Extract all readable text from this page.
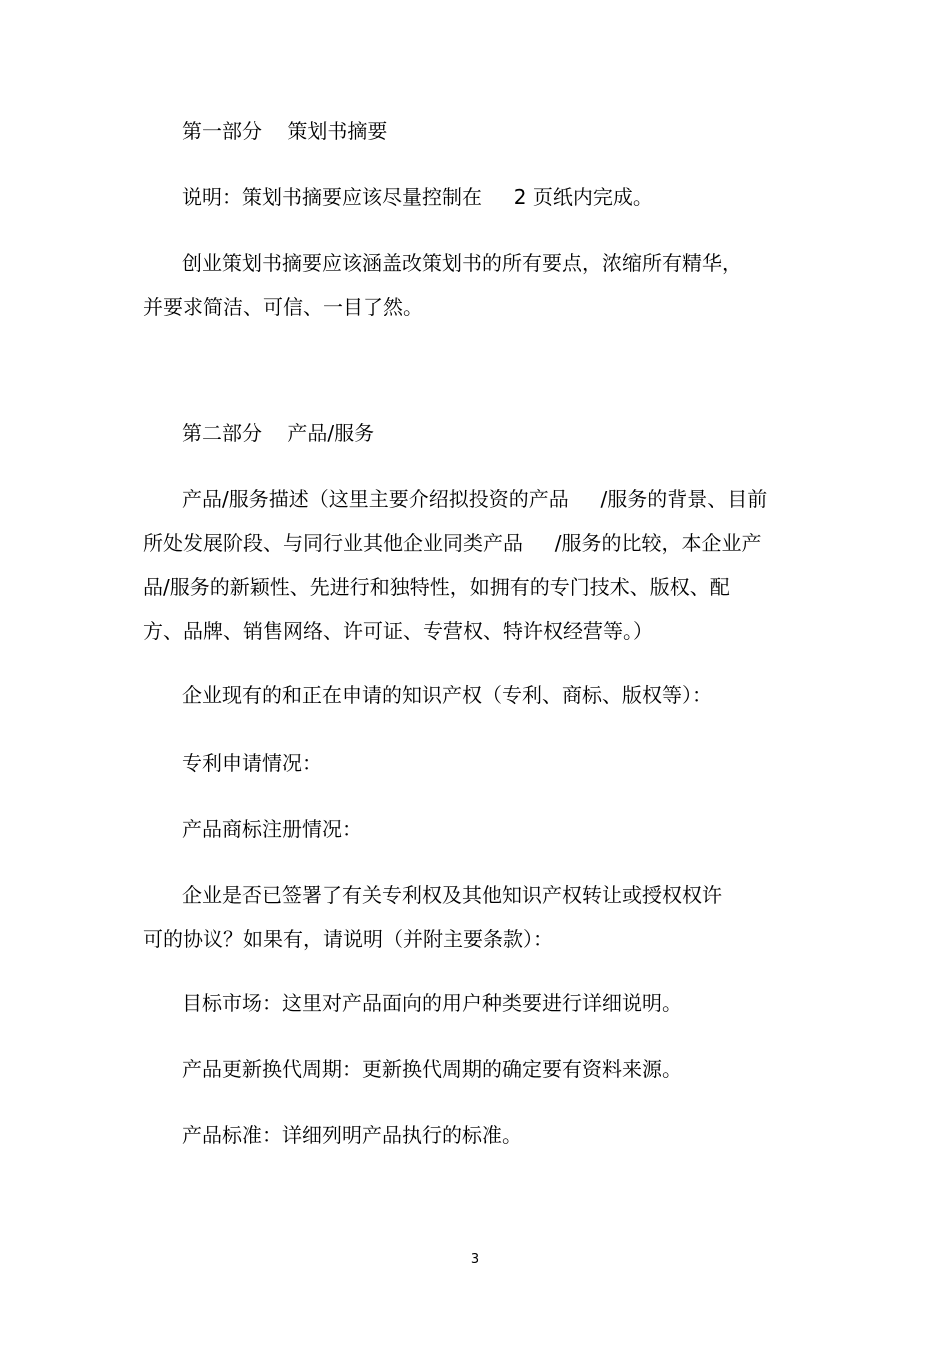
第一部分    策划书摘要

说明：策划书摘要应该尽量控制在     2 页纸内完成。

创业策划书摘要应该涵盖改策划书的所有要点，浓缩所有精华，

并要求简洁、可信、一目了然。

第二部分    产品/服务

产品/服务描述（这里主要介绍拟投资的产品     /服务的背景、目前

所处发展阶段、与同行业其他企业同类产品     /服务的比较，本企业产

品/服务的新颖性、先进行和独特性，如拥有的专门技术、版权、配

方、品牌、销售网络、许可证、专营权、特许权经营等。）

企业现有的和正在申请的知识产权（专利、商标、版权等）：

专利申请情况：

产品商标注册情况：

企业是否已签署了有关专利权及其他知识产权转让或授权权许

可的协议？如果有，请说明（并附主要条款）：

目标市场：这里对产品面向的用户种类要进行详细说明。

产品更新换代周期：更新换代周期的确定要有资料来源。

产品标准：详细列明产品执行的标准。

3
